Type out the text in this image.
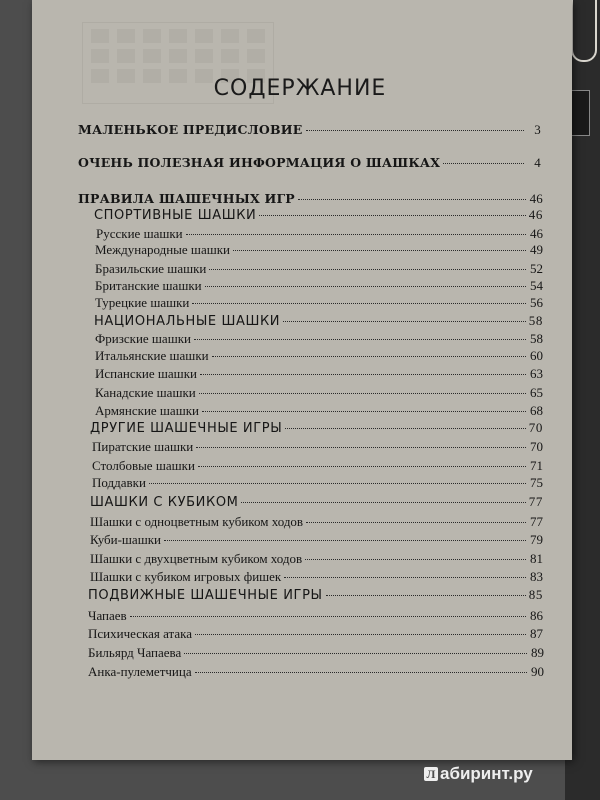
СОДЕРЖАНИЕ
МАЛЕНЬКОЕ ПРЕДИСЛОВИЕ	3
ОЧЕНЬ ПОЛЕЗНАЯ ИНФОРМАЦИЯ О ШАШКАХ	4
ПРАВИЛА ШАШЕЧНЫХ ИГР	46
СПОРТИВНЫЕ ШАШКИ	46
Русские шашки	46
Международные шашки	49
Бразильские шашки	52
Британские шашки	54
Турецкие шашки	56
НАЦИОНАЛЬНЫЕ ШАШКИ	58
Фризские шашки	58
Итальянские шашки	60
Испанские шашки	63
Канадские шашки	65
Армянские шашки	68
ДРУГИЕ ШАШЕЧНЫЕ ИГРЫ	70
Пиратские шашки	70
Столбовые шашки	71
Поддавки	75
ШАШКИ С КУБИКОМ	77
Шашки с одноцветным кубиком ходов	77
Куби-шашки	79
Шашки с двухцветным кубиком ходов	81
Шашки с кубиком игровых фишек	83
ПОДВИЖНЫЕ ШАШЕЧНЫЕ ИГРЫ	85
Чапаев	86
Психическая атака	87
Бильярд Чапаева	89
Анка-пулеметчица	90
Л абиринт.ру
